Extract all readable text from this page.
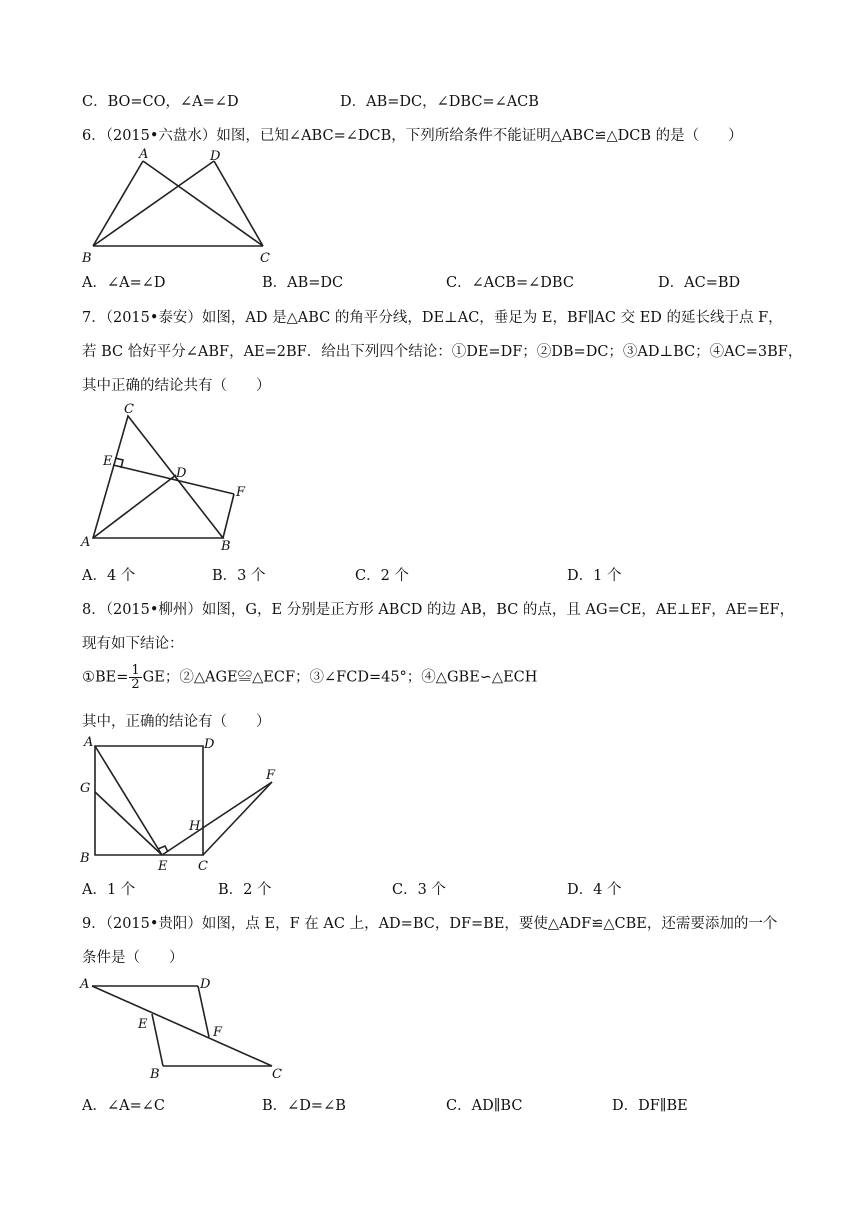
C．BO=CO，∠A=∠D	D．AB=DC，∠DBC=∠ACB
6．（2015•六盘水）如图，已知∠ABC=∠DCB，下列所给条件不能证明△ABC≌△DCB 的是（　　）
A	D
B	C
A．∠A=∠D	B．AB=DC	C．∠ACB=∠DBC	D．AC=BD
7．（2015•泰安）如图，AD 是△ABC 的角平分线，DE⊥AC，垂足为 E，BF∥AC 交 ED 的延长线于点 F，
若 BC 恰好平分∠ABF，AE=2BF．给出下列四个结论：①DE=DF；②DB=DC；③AD⊥BC；④AC=3BF，
其中正确的结论共有（　　）
C
E
D
F
A	B
A．4 个	B．3 个	C．2 个	D．1 个
8．（2015•柳州）如图，G，E 分别是正方形 ABCD 的边 AB，BC 的点，且 AG=CE，AE⊥EF，AE=EF，
现有如下结论：
①BE= $\frac{1}{2}$ GE；②△AGE≌△ECF；③∠FCD=45°；④△GBE∽△ECH
其中，正确的结论有（　　）
A	D
G
F
H
B
E C
A．1 个	B．2 个	C．3 个	D．4 个
9．（2015•贵阳）如图，点 E，F 在 AC 上，AD=BC，DF=BE，要使△ADF≌△CBE，还需要添加的一个
条件是（　　）
A	D
E
F
B	C
A．∠A=∠C	B．∠D=∠B	C．AD∥BC	D．DF∥BE
